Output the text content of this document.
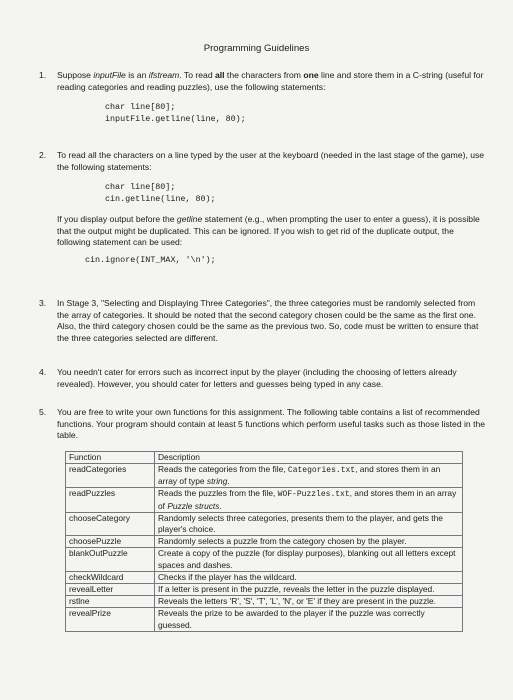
Programming Guidelines
1.	Suppose inputFile is an ifstream. To read all the characters from one line and store them in a C-string (useful for reading categories and reading puzzles), use the following statements:
char line[80];
inputFile.getline(line, 80);
2.	To read all the characters on a line typed by the user at the keyboard (needed in the last stage of the game), use the following statements:
char line[80];
cin.getline(line, 80);
If you display output before the getline statement (e.g., when prompting the user to enter a guess), it is possible that the output might be duplicated. This can be ignored. If you wish to get rid of the duplicate output, the following statement can be used:
cin.ignore(INT_MAX, '\n');
3.	In Stage 3, "Selecting and Displaying Three Categories", the three categories must be randomly selected from the array of categories. It should be noted that the second category chosen could be the same as the first one. Also, the third category chosen could be the same as the previous two. So, code must be written to ensure that the three categories selected are different.
4.	You needn't cater for errors such as incorrect input by the player (including the choosing of letters already revealed). However, you should cater for letters and guesses being typed in any case.
5.	You are free to write your own functions for this assignment. The following table contains a list of recommended functions. Your program should contain at least 5 functions which perform useful tasks such as those listed in the table.
Function	Description
readCategories	Reads the categories from the file, Categories.txt, and stores them in an array of type string.
readPuzzles	Reads the puzzles from the file, WOF-Puzzles.txt, and stores them in an array of Puzzle structs.
chooseCategory	Randomly selects three categories, presents them to the player, and gets the player's choice.
choosePuzzle	Randomly selects a puzzle from the category chosen by the player.
blankOutPuzzle	Create a copy of the puzzle (for display purposes), blanking out all letters except spaces and dashes.
checkWildcard	Checks if the player has the wildcard.
revealLetter	If a letter is present in the puzzle, reveals the letter in the puzzle displayed.
rstlne	Reveals the letters 'R', 'S', 'T', 'L', 'N', or 'E' if they are present in the puzzle.
revealPrize	Reveals the prize to be awarded to the player if the puzzle was correctly guessed.
